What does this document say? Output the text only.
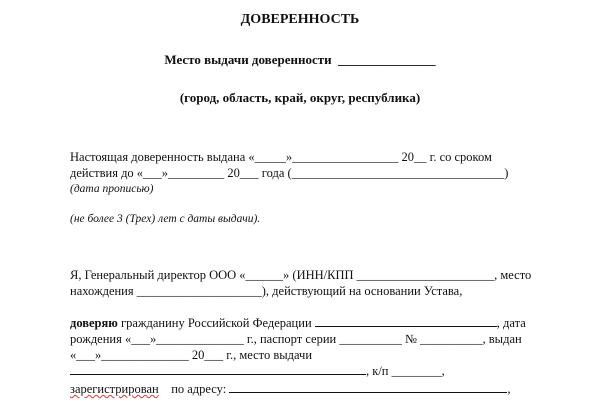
ДОВЕРЕННОСТЬ
Место выдачи доверенности  _______________
(город, область, край, округ, республика)
Настоящая доверенность выдана «_____»_________________ 20__ г. со сроком
действия до «___»_________ 20___ года (__________________________________)
(дата прописью)
(не более 3 (Трех) лет с даты выдачи).
Я, Генеральный директор ООО «______» (ИНН/КПП ______________________, место
нахождения ____________________), действующий на основании Устава,
доверяю гражданину Российской Федерации	, дата
рождения «___»______________ г., паспорт серии __________ № __________, выдан
«___»______________ 20___ г., место выдачи
, к/п ________,
зарегистрирован    по адресу:	,
